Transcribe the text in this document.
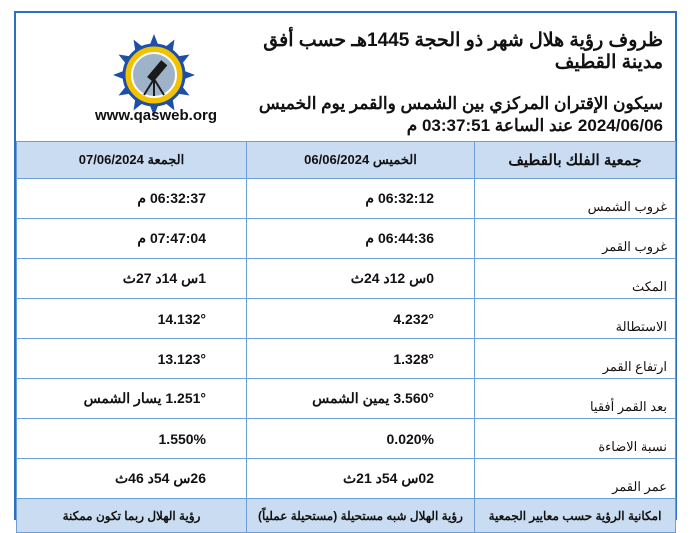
www.qasweb.org
ظروف رؤية هلال شهر ذو الحجة 1445هـ حسب أفق مدينة القطيف
سيكون الإقتران المركزي بين الشمس والقمر يوم الخميس
2024/06/06 عند الساعة 03:37:51 م
الجمعة 07/06/2024	الخميس 06/06/2024	جمعية الفلك بالقطيف
06:32:37 م	06:32:12 م	غروب الشمس
07:47:04 م	06:44:36 م	غروب القمر
1س 14د 27ث	0س 12د 24ث	المكث
14.132°	4.232°	الاستطالة
13.123°	1.328°	ارتفاع القمر
1.251° يسار الشمس	3.560° يمين الشمس	بعد القمر أفقيا
1.550%	0.020%	نسبة الاضاءة
26س 54د 46ث	02س 54د 21ث	عمر القمر
رؤية الهلال ربما تكون ممكنة	رؤية الهلال شبه مستحيلة (مستحيلة عملياً)	امكانية الرؤية حسب معايير الجمعية
